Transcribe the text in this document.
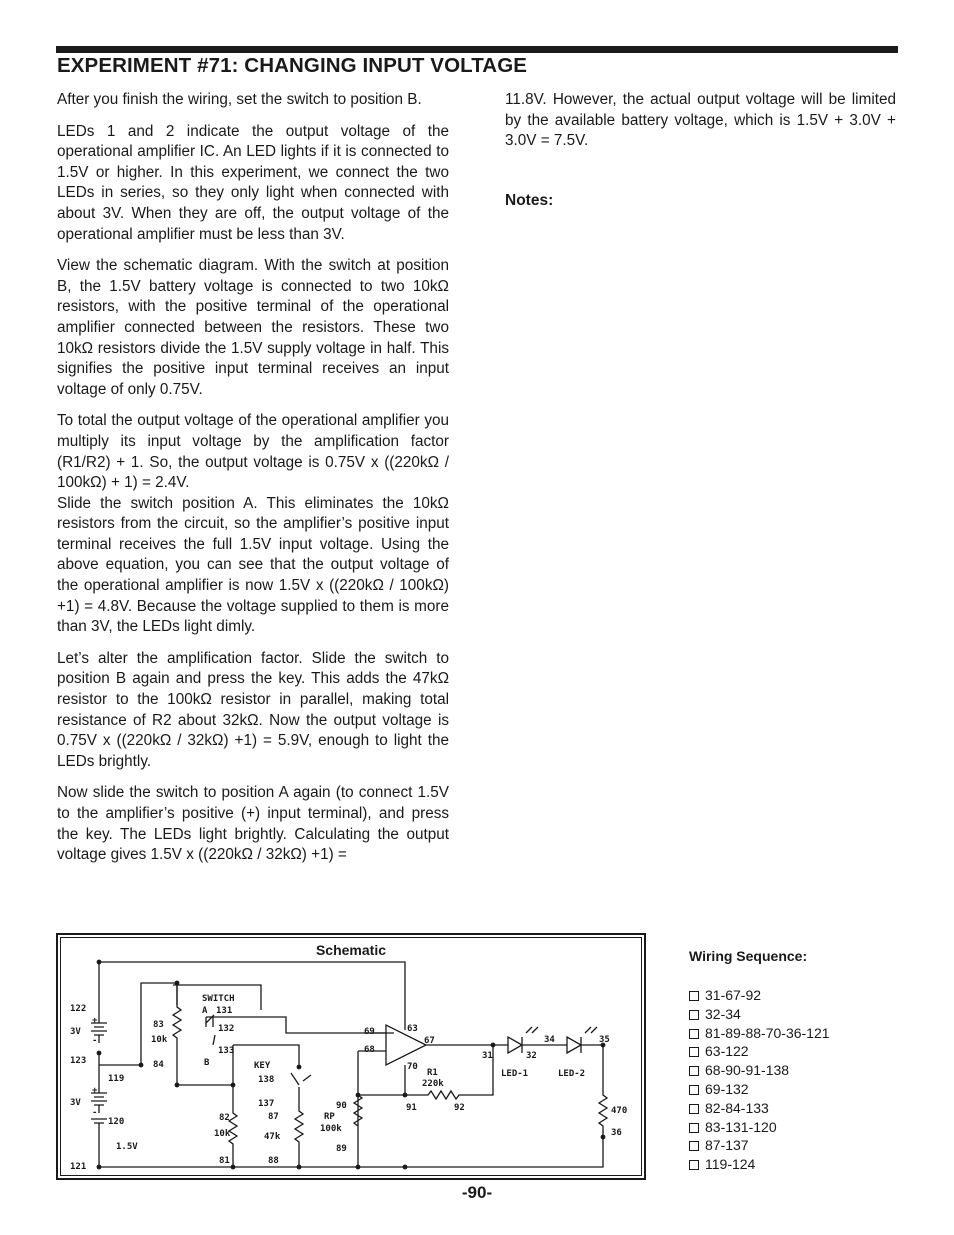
EXPERIMENT #71: CHANGING INPUT VOLTAGE

After you finish the wiring, set the switch to position B.

LEDs 1 and 2 indicate the output voltage of the operational amplifier IC. An LED lights if it is connected to 1.5V or higher. In this experiment, we connect the two LEDs in series, so they only light when connected with about 3V. When they are off, the output voltage of the operational amplifier must be less than 3V.

View the schematic diagram. With the switch at position B, the 1.5V battery voltage is connected to two 10kΩ resistors, with the positive terminal of the operational amplifier connected between the resistors. These two 10kΩ resistors divide the 1.5V supply voltage in half. This signifies the positive input terminal receives an input voltage of only 0.75V.

To total the output voltage of the operational amplifier you multiply its input voltage by the amplification factor (R1/R2) + 1. So, the output voltage is 0.75V x ((220kΩ / 100kΩ) + 1) = 2.4V.

Slide the switch position A. This eliminates the 10kΩ resistors from the circuit, so the amplifier’s positive input terminal receives the full 1.5V input voltage. Using the above equation, you can see that the output voltage of the operational amplifier is now 1.5V x ((220kΩ / 100kΩ) +1) = 4.8V. Because the voltage supplied to them is more than 3V, the LEDs light dimly.

Let’s alter the amplification factor. Slide the switch to position B again and press the key. This adds the 47kΩ resistor to the 100kΩ resistor in parallel, making total resistance of R2 about 32kΩ. Now the output voltage is 0.75V x ((220kΩ / 32kΩ) +1) = 5.9V, enough to light the LEDs brightly.

Now slide the switch to position A again (to connect 1.5V to the amplifier’s positive (+) input terminal), and press the key. The LEDs light brightly. Calculating the output voltage gives 1.5V x ((220kΩ / 32kΩ) +1) =

11.8V. However, the actual output voltage will be limited by the available battery voltage, which is 1.5V + 3.0V + 3.0V = 7.5V.

Notes:
Schematic
SWITCH
A
B	KEY
R1
220k
RP
100k
10k
10k	47k
470
3V
3V
1.5V
LED-1	LED-2
+
-
+
-
122
123
119
120
121
83
84
131
132
133
69
68
63
67
70
31	32
34	35
36
91	92
90
89
82
81
87
88
137
138
Wiring Sequence:
31-67-92
32-34
81-89-88-70-36-121
63-122
68-90-91-138
69-132
82-84-133
83-131-120
87-137
119-124
-90-
